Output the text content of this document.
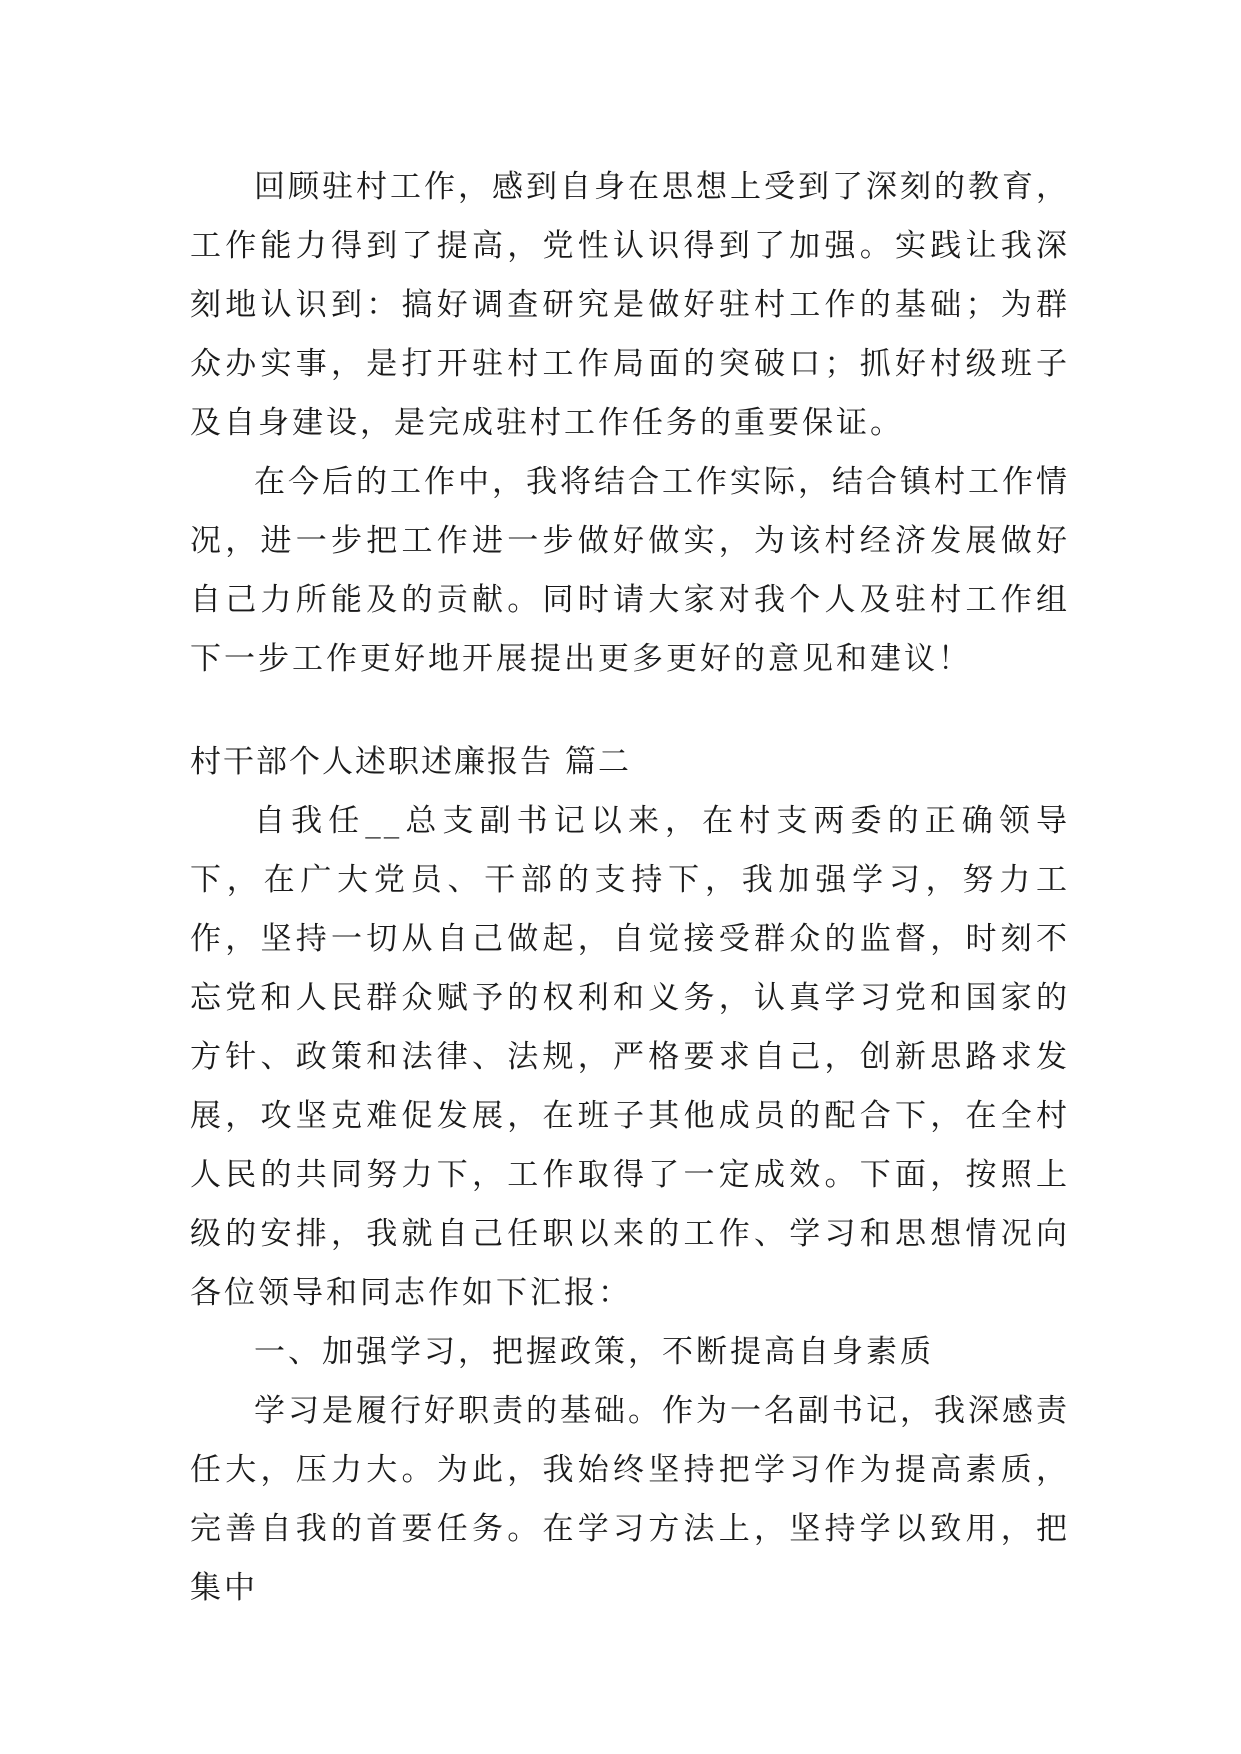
回顾驻村工作，感到自身在思想上受到了深刻的教育，工作能力得到了提高，党性认识得到了加强。实践让我深刻地认识到：搞好调查研究是做好驻村工作的基础；为群众办实事，是打开驻村工作局面的突破口；抓好村级班子及自身建设，是完成驻村工作任务的重要保证。

在今后的工作中，我将结合工作实际，结合镇村工作情况，进一步把工作进一步做好做实，为该村经济发展做好自己力所能及的贡献。同时请大家对我个人及驻村工作组下一步工作更好地开展提出更多更好的意见和建议！

村干部个人述职述廉报告 篇二

自我任__总支副书记以来，在村支两委的正确领导下，在广大党员、干部的支持下，我加强学习，努力工作，坚持一切从自己做起，自觉接受群众的监督，时刻不忘党和人民群众赋予的权利和义务，认真学习党和国家的方针、政策和法律、法规，严格要求自己，创新思路求发展，攻坚克难促发展，在班子其他成员的配合下，在全村人民的共同努力下，工作取得了一定成效。下面，按照上级的安排，我就自己任职以来的工作、学习和思想情况向各位领导和同志作如下汇报：

一、加强学习，把握政策，不断提高自身素质

学习是履行好职责的基础。作为一名副书记，我深感责任大，压力大。为此，我始终坚持把学习作为提高素质，完善自我的首要任务。在学习方法上，坚持学以致用，把集中
